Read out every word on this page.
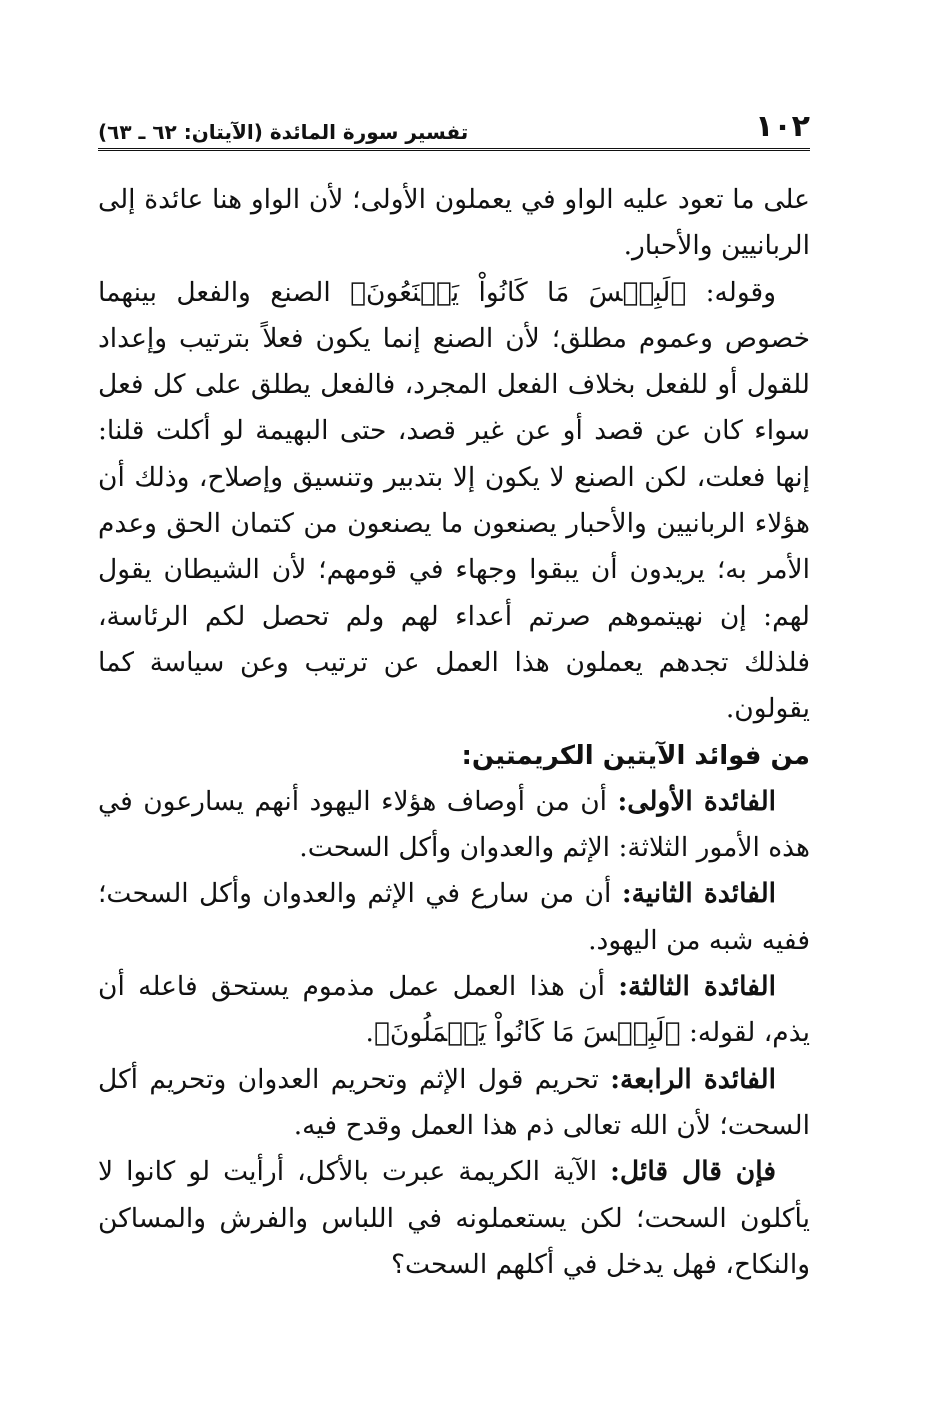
١٠٢
تفسير سورة المائدة (الآيتان: ٦٢ ـ ٦٣)

على ما تعود عليه الواو في يعملون الأولى؛ لأن الواو هنا عائدة إلى الربانيين والأحبار.

وقوله: ﴿لَبِئۡسَ مَا كَانُواْ يَصۡنَعُونَ﴾ الصنع والفعل بينهما خصوص وعموم مطلق؛ لأن الصنع إنما يكون فعلاً بترتيب وإعداد للقول أو للفعل بخلاف الفعل المجرد، فالفعل يطلق على كل فعل سواء كان عن قصد أو عن غير قصد، حتى البهيمة لو أكلت قلنا: إنها فعلت، لكن الصنع لا يكون إلا بتدبير وتنسيق وإصلاح، وذلك أن هؤلاء الربانيين والأحبار يصنعون ما يصنعون من كتمان الحق وعدم الأمر به؛ يريدون أن يبقوا وجهاء في قومهم؛ لأن الشيطان يقول لهم: إن نهيتموهم صرتم أعداء لهم ولم تحصل لكم الرئاسة، فلذلك تجدهم يعملون هذا العمل عن ترتيب وعن سياسة كما يقولون.

من فوائد الآيتين الكريمتين:

الفائدة الأولى: أن من أوصاف هؤلاء اليهود أنهم يسارعون في هذه الأمور الثلاثة: الإثم والعدوان وأكل السحت.

الفائدة الثانية: أن من سارع في الإثم والعدوان وأكل السحت؛ ففيه شبه من اليهود.

الفائدة الثالثة: أن هذا العمل عمل مذموم يستحق فاعله أن يذم، لقوله: ﴿لَبِئۡسَ مَا كَانُواْ يَعۡمَلُونَ﴾.

الفائدة الرابعة: تحريم قول الإثم وتحريم العدوان وتحريم أكل السحت؛ لأن الله تعالى ذم هذا العمل وقدح فيه.

فإن قال قائل: الآية الكريمة عبرت بالأكل، أرأيت لو كانوا لا يأكلون السحت؛ لكن يستعملونه في اللباس والفرش والمساكن والنكاح، فهل يدخل في أكلهم السحت؟
